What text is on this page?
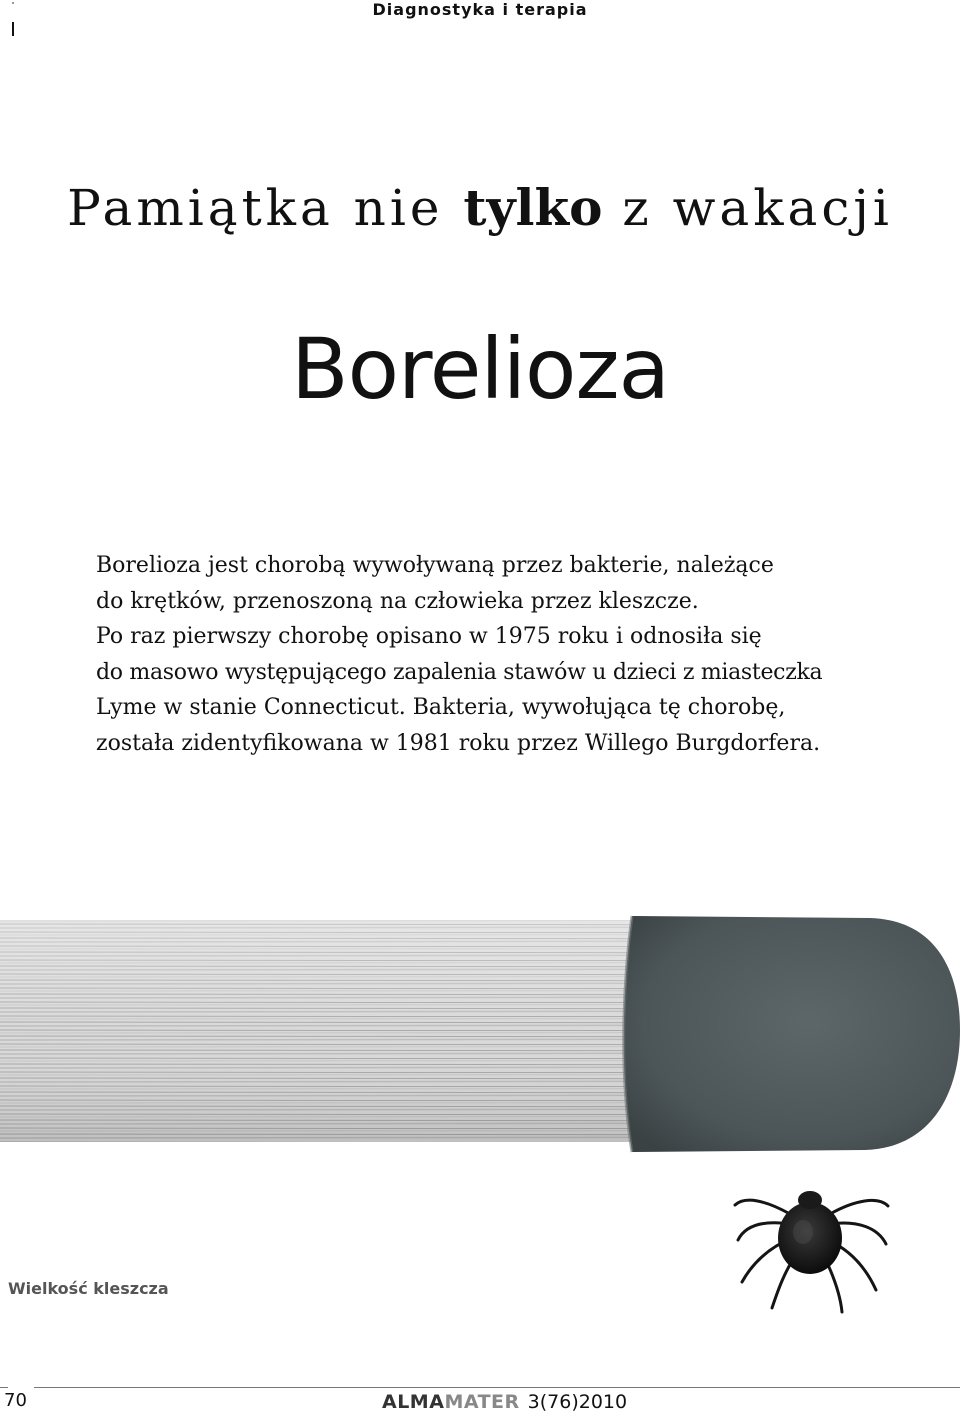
Diagnostyka i terapia
Pamiątka nie tylko z wakacji
Borelioza
Borelioza jest chorobą wywoływaną przez bakterie, należące
do krętków, przenoszoną na człowieka przez kleszcze.
Po raz pierwszy chorobę opisano w 1975 roku i odnosiła się
do masowo występującego zapalenia stawów u dzieci z miasteczka
Lyme w stanie Connecticut. Bakteria, wywołująca tę chorobę,
została zidentyfikowana w 1981 roku przez Willego Burgdorfera.
Wielkość kleszcza
70	ALMAMATER 3(76)2010
